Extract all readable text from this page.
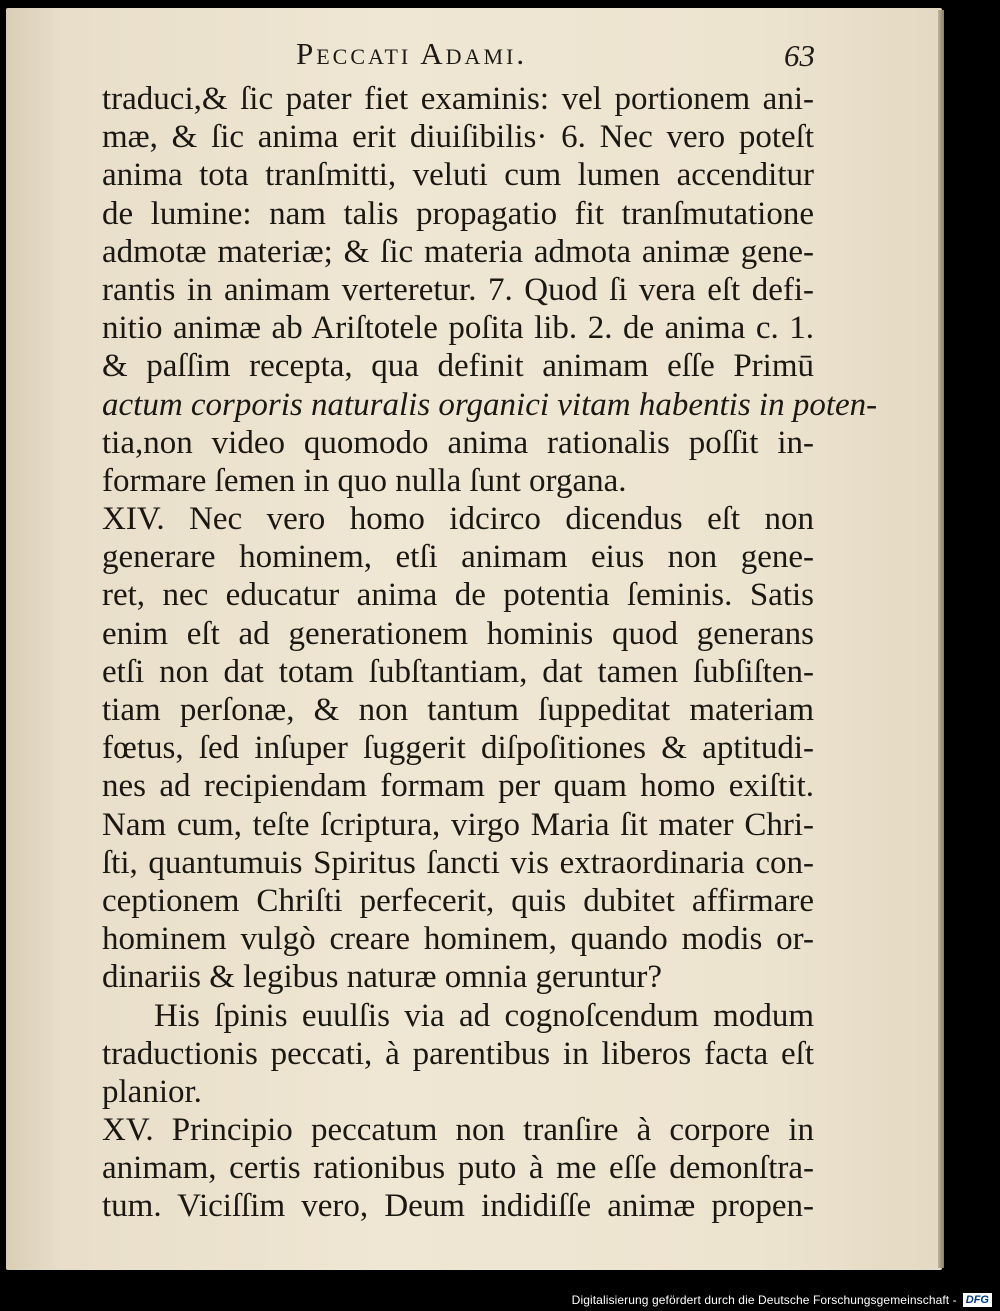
Peccati Adami.	63
traduci,& ſic pater fiet examinis: vel portionem ani-
mæ, & ſic anima erit diuiſibilis· 6. Nec vero poteſt
anima tota tranſmitti, veluti cum lumen accenditur
de lumine: nam talis propagatio fit tranſmutatione
admotæ materiæ; & ſic materia admota animæ gene-
rantis in animam verteretur. 7. Quod ſi vera eſt defi-
nitio animæ ab Ariſtotele poſita lib. 2. de anima c. 1.
& paſſim recepta, qua definit animam eſſe Primū
actum corporis naturalis organici vitam habentis in poten-
tia,non video quomodo anima rationalis poſſit in-
formare ſemen in quo nulla ſunt organa.
XIV. Nec vero homo idcirco dicendus eſt non
generare hominem, etſi animam eius non gene-
ret, nec educatur anima de potentia ſeminis. Satis
enim eſt ad generationem hominis quod generans
etſi non dat totam ſubſtantiam, dat tamen ſubſiſten-
tiam perſonæ, & non tantum ſuppeditat materiam
fœtus, ſed inſuper ſuggerit diſpoſitiones & aptitudi-
nes ad recipiendam formam per quam homo exiſtit.
Nam cum, teſte ſcriptura, virgo Maria ſit mater Chri-
ſti, quantumuis Spiritus ſancti vis extraordinaria con-
ceptionem Chriſti perfecerit, quis dubitet affirmare
hominem vulgò creare hominem, quando modis or-
dinariis & legibus naturæ omnia geruntur?
His ſpinis euulſis via ad cognoſcendum modum
traductionis peccati, à parentibus in liberos facta eſt
planior.
XV. Principio peccatum non tranſire à corpore in
animam, certis rationibus puto à me eſſe demonſtra-
tum. Viciſſim vero, Deum indidiſſe animæ propen-
Digitalisierung gefördert durch die Deutsche Forschungsgemeinschaft - DFG
